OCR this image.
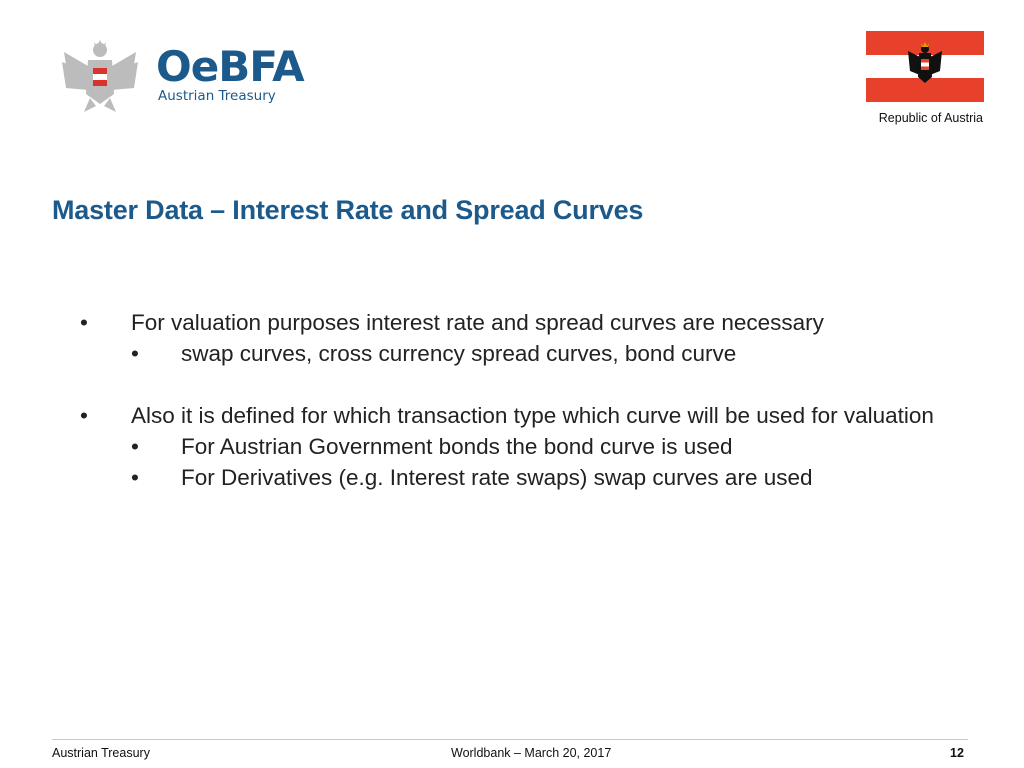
OeBFA
Austrian Treasury
Republic of Austria
Master Data – Interest Rate and Spread Curves
• For valuation purposes interest rate and spread curves are necessary
• swap curves, cross currency spread curves, bond curve
• Also it is defined for which transaction type which curve will be used for valuation
• For Austrian Government bonds the bond curve is used
• For Derivatives (e.g. Interest rate swaps) swap curves are used
Austrian Treasury	Worldbank – March 20, 2017	12
